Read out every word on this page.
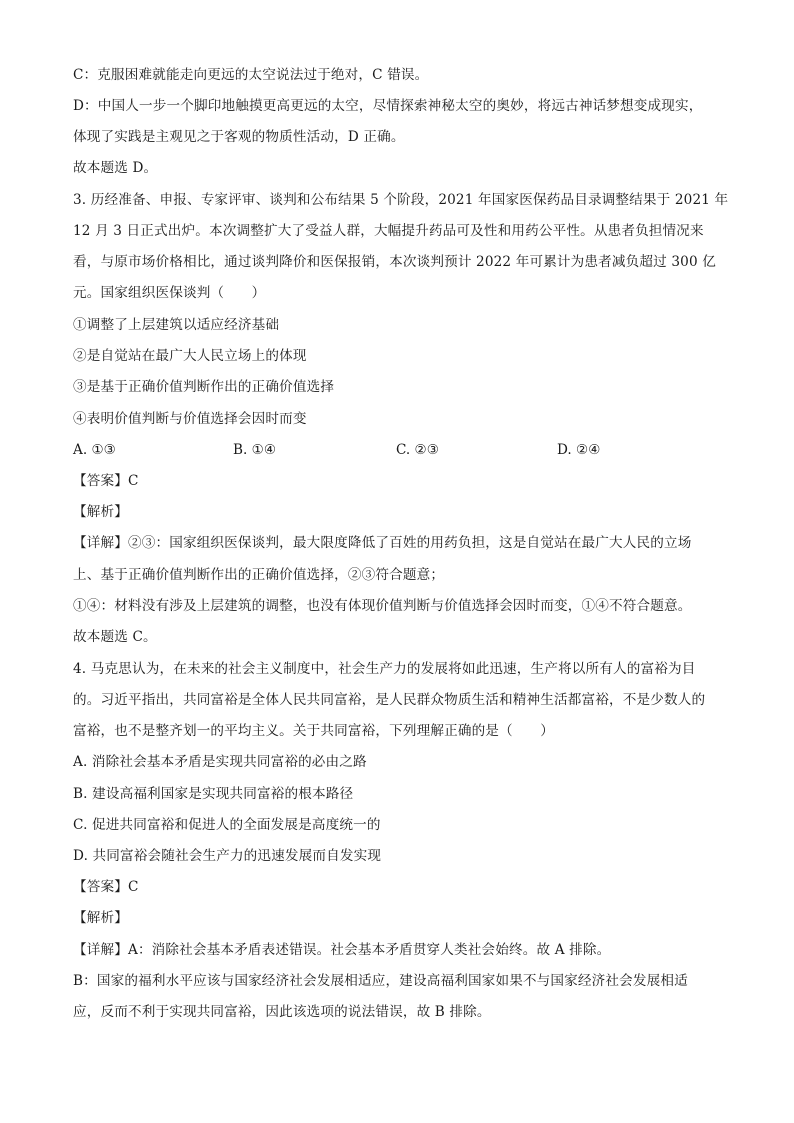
C：克服困难就能走向更远的太空说法过于绝对，C 错误。
D：中国人一步一个脚印地触摸更高更远的太空，尽情探索神秘太空的奥妙，将远古神话梦想变成现实，
体现了实践是主观见之于客观的物质性活动，D 正确。
故本题选 D。
3. 历经准备、申报、专家评审、谈判和公布结果 5 个阶段，2021 年国家医保药品目录调整结果于 2021 年
12 月 3 日正式出炉。本次调整扩大了受益人群，大幅提升药品可及性和用药公平性。从患者负担情况来
看，与原市场价格相比，通过谈判降价和医保报销，本次谈判预计 2022 年可累计为患者减负超过 300 亿
元。国家组织医保谈判（　　）
①调整了上层建筑以适应经济基础
②是自觉站在最广大人民立场上的体现
③是基于正确价值判断作出的正确价值选择
④表明价值判断与价值选择会因时而变
A. ①③	B. ①④	C. ②③	D. ②④
【答案】C
【解析】
【详解】②③：国家组织医保谈判，最大限度降低了百姓的用药负担，这是自觉站在最广大人民的立场
上、基于正确价值判断作出的正确价值选择，②③符合题意；
①④：材料没有涉及上层建筑的调整，也没有体现价值判断与价值选择会因时而变，①④不符合题意。
故本题选 C。
4. 马克思认为，在未来的社会主义制度中，社会生产力的发展将如此迅速，生产将以所有人的富裕为目
的。习近平指出，共同富裕是全体人民共同富裕，是人民群众物质生活和精神生活都富裕，不是少数人的
富裕，也不是整齐划一的平均主义。关于共同富裕，下列理解正确的是（　　）
A. 消除社会基本矛盾是实现共同富裕的必由之路
B. 建设高福利国家是实现共同富裕的根本路径
C. 促进共同富裕和促进人的全面发展是高度统一的
D. 共同富裕会随社会生产力的迅速发展而自发实现
【答案】C
【解析】
【详解】A：消除社会基本矛盾表述错误。社会基本矛盾贯穿人类社会始终。故 A 排除。
B：国家的福利水平应该与国家经济社会发展相适应，建设高福利国家如果不与国家经济社会发展相适
应，反而不利于实现共同富裕，因此该选项的说法错误，故 B 排除。
